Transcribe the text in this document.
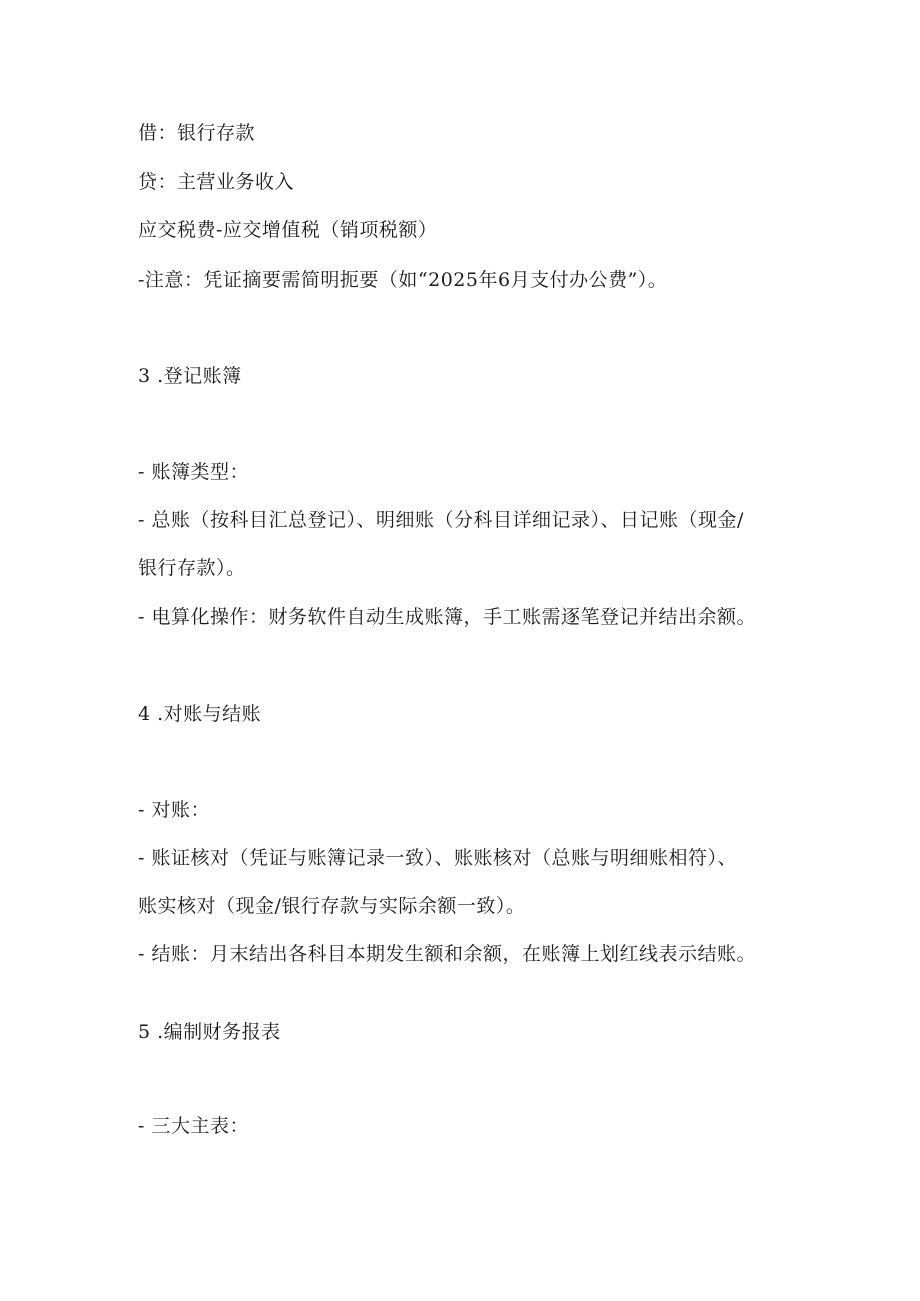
借：银行存款
贷：主营业务收入
应交税费-应交增值税（销项税额）
-注意：凭证摘要需简明扼要（如“2025年6月支付办公费”）。
3 .登记账簿
- 账簿类型：
- 总账（按科目汇总登记）、明细账（分科目详细记录）、日记账（现金/
银行存款）。
- 电算化操作：财务软件自动生成账簿，手工账需逐笔登记并结出余额。
4 .对账与结账
- 对账：
- 账证核对（凭证与账簿记录一致）、账账核对（总账与明细账相符）、
账实核对（现金/银行存款与实际余额一致）。
- 结账：月末结出各科目本期发生额和余额，在账簿上划红线表示结账。
5 .编制财务报表
- 三大主表：
